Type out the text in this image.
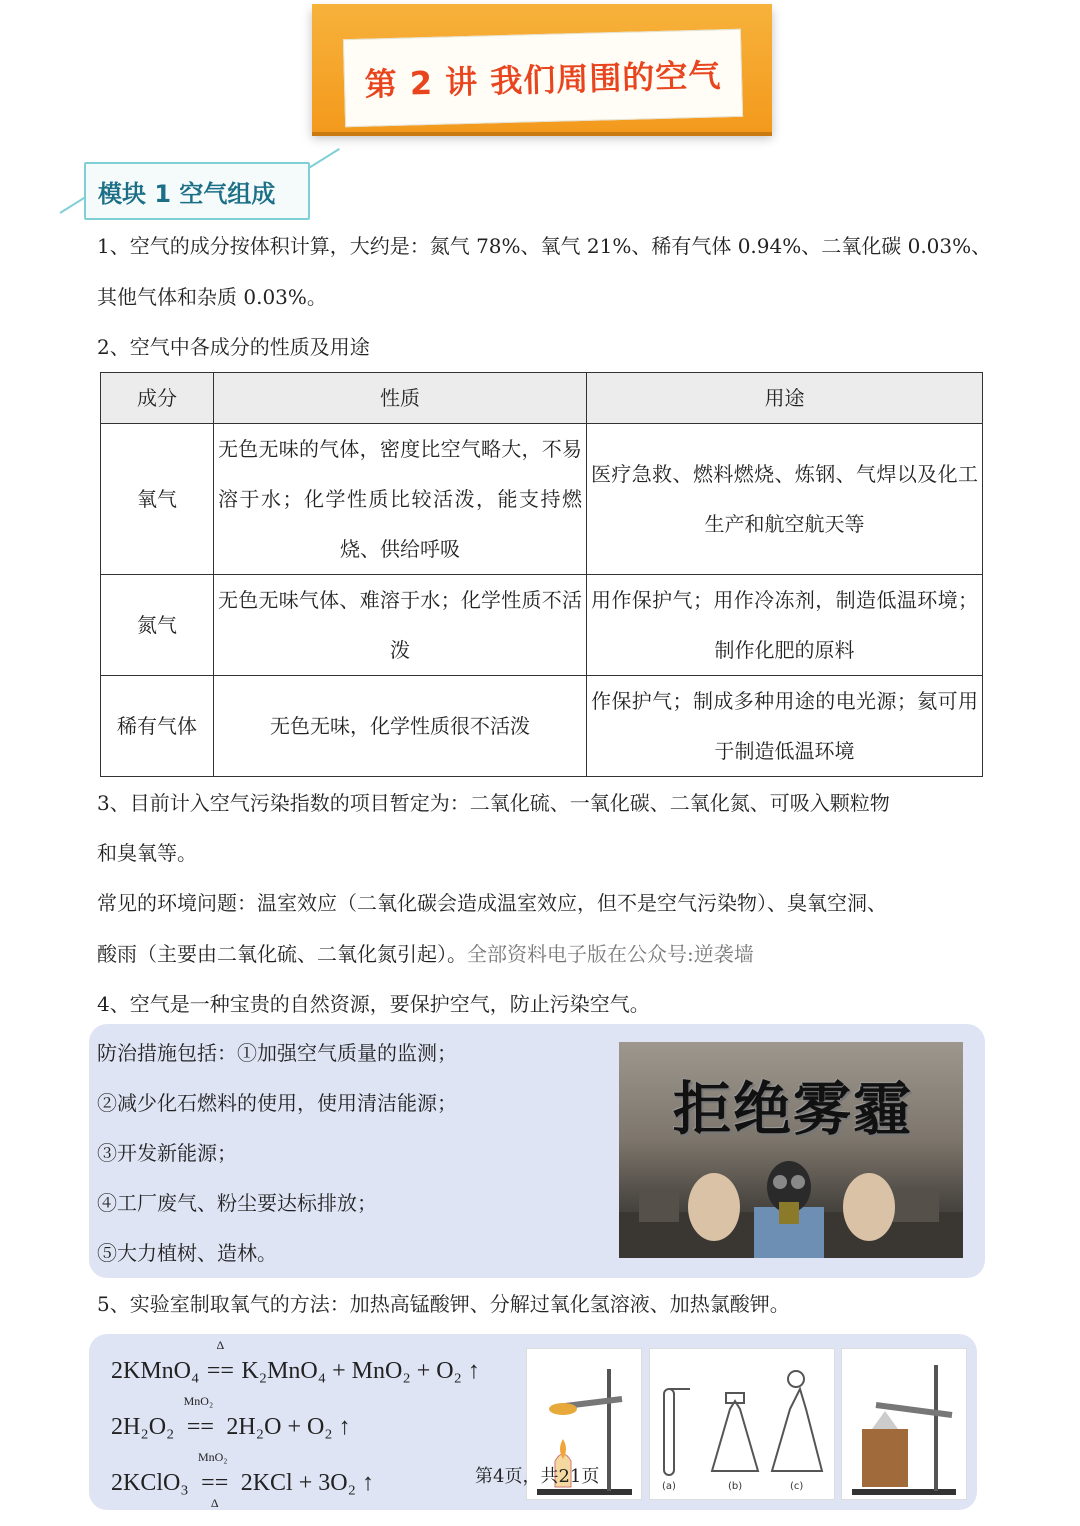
第 2 讲 我们周围的空气
模块 1 空气组成
1、空气的成分按体积计算，大约是：氮气 78%、氧气 21%、稀有气体 0.94%、二氧化碳 0.03%、
其他气体和杂质 0.03%。
2、空气中各成分的性质及用途
成分	性质	用途
氧气	无色无味的气体，密度比空气略大，不易溶于水；化学性质比较活泼，能支持燃烧、供给呼吸	医疗急救、燃料燃烧、炼钢、气焊以及化工生产和航空航天等
氮气	无色无味气体、难溶于水；化学性质不活泼	用作保护气；用作冷冻剂，制造低温环境；制作化肥的原料
稀有气体	无色无味，化学性质很不活泼	作保护气；制成多种用途的电光源；氦可用于制造低温环境
3、目前计入空气污染指数的项目暂定为：二氧化硫、一氧化碳、二氧化氮、可吸入颗粒物
和臭氧等。
常见的环境问题：温室效应（二氧化碳会造成温室效应，但不是空气污染物）、臭氧空洞、
酸雨（主要由二氧化硫、二氧化氮引起）。全部资料电子版在公众号:逆袭墙
4、空气是一种宝贵的自然资源，要保护空气，防止污染空气。
防治措施包括：①加强空气质量的监测；
②减少化石燃料的使用，使用清洁能源；
③开发新能源；
④工厂废气、粉尘要达标排放；
⑤大力植树、造林。
拒绝雾霾
5、实验室制取氧气的方法：加热高锰酸钾、分解过氧化氢溶液、加热氯酸钾。
2KMnO₄
Δ
== K₂MnO₄ + MnO₂ + O₂ ↑
2H₂O₂
MnO₂
== 2H₂O + O₂ ↑
2KClO₃
MnO₂
==
Δ
2KCl + 3O₂ ↑	(a)	(b)	(c)
第4页，共21页
